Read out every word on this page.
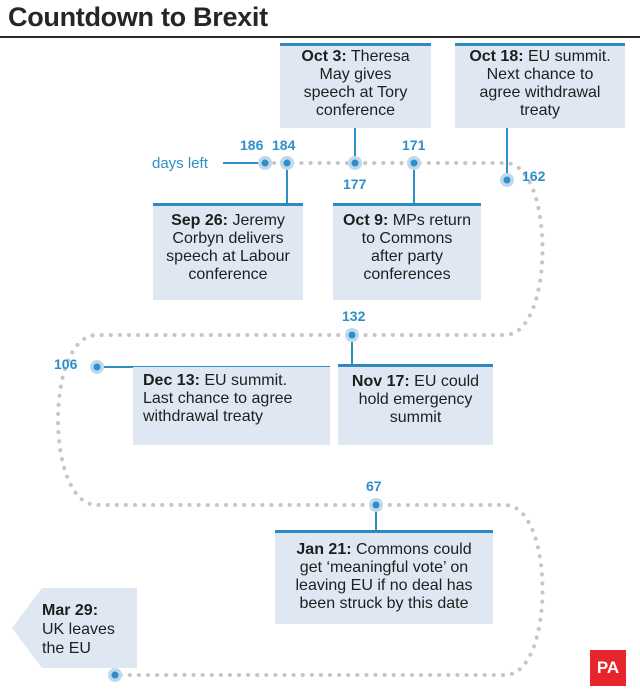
Countdown to Brexit
days left
186 184
177
171
162
132
106
67
Oct 3: Theresa
May gives
speech at Tory
conference
Oct 18: EU summit.
Next chance to
agree withdrawal
treaty
Sep 26: Jeremy
Corbyn delivers
speech at Labour
conference
Oct 9: MPs return
to Commons
after party
conferences
Dec 13: EU summit.
Last chance to agree
withdrawal treaty
Nov 17: EU could
hold emergency
summit
Jan 21: Commons could
get ‘meaningful vote’ on
leaving EU if no deal has
been struck by this date
Mar 29:
UK leaves
the EU
PA
